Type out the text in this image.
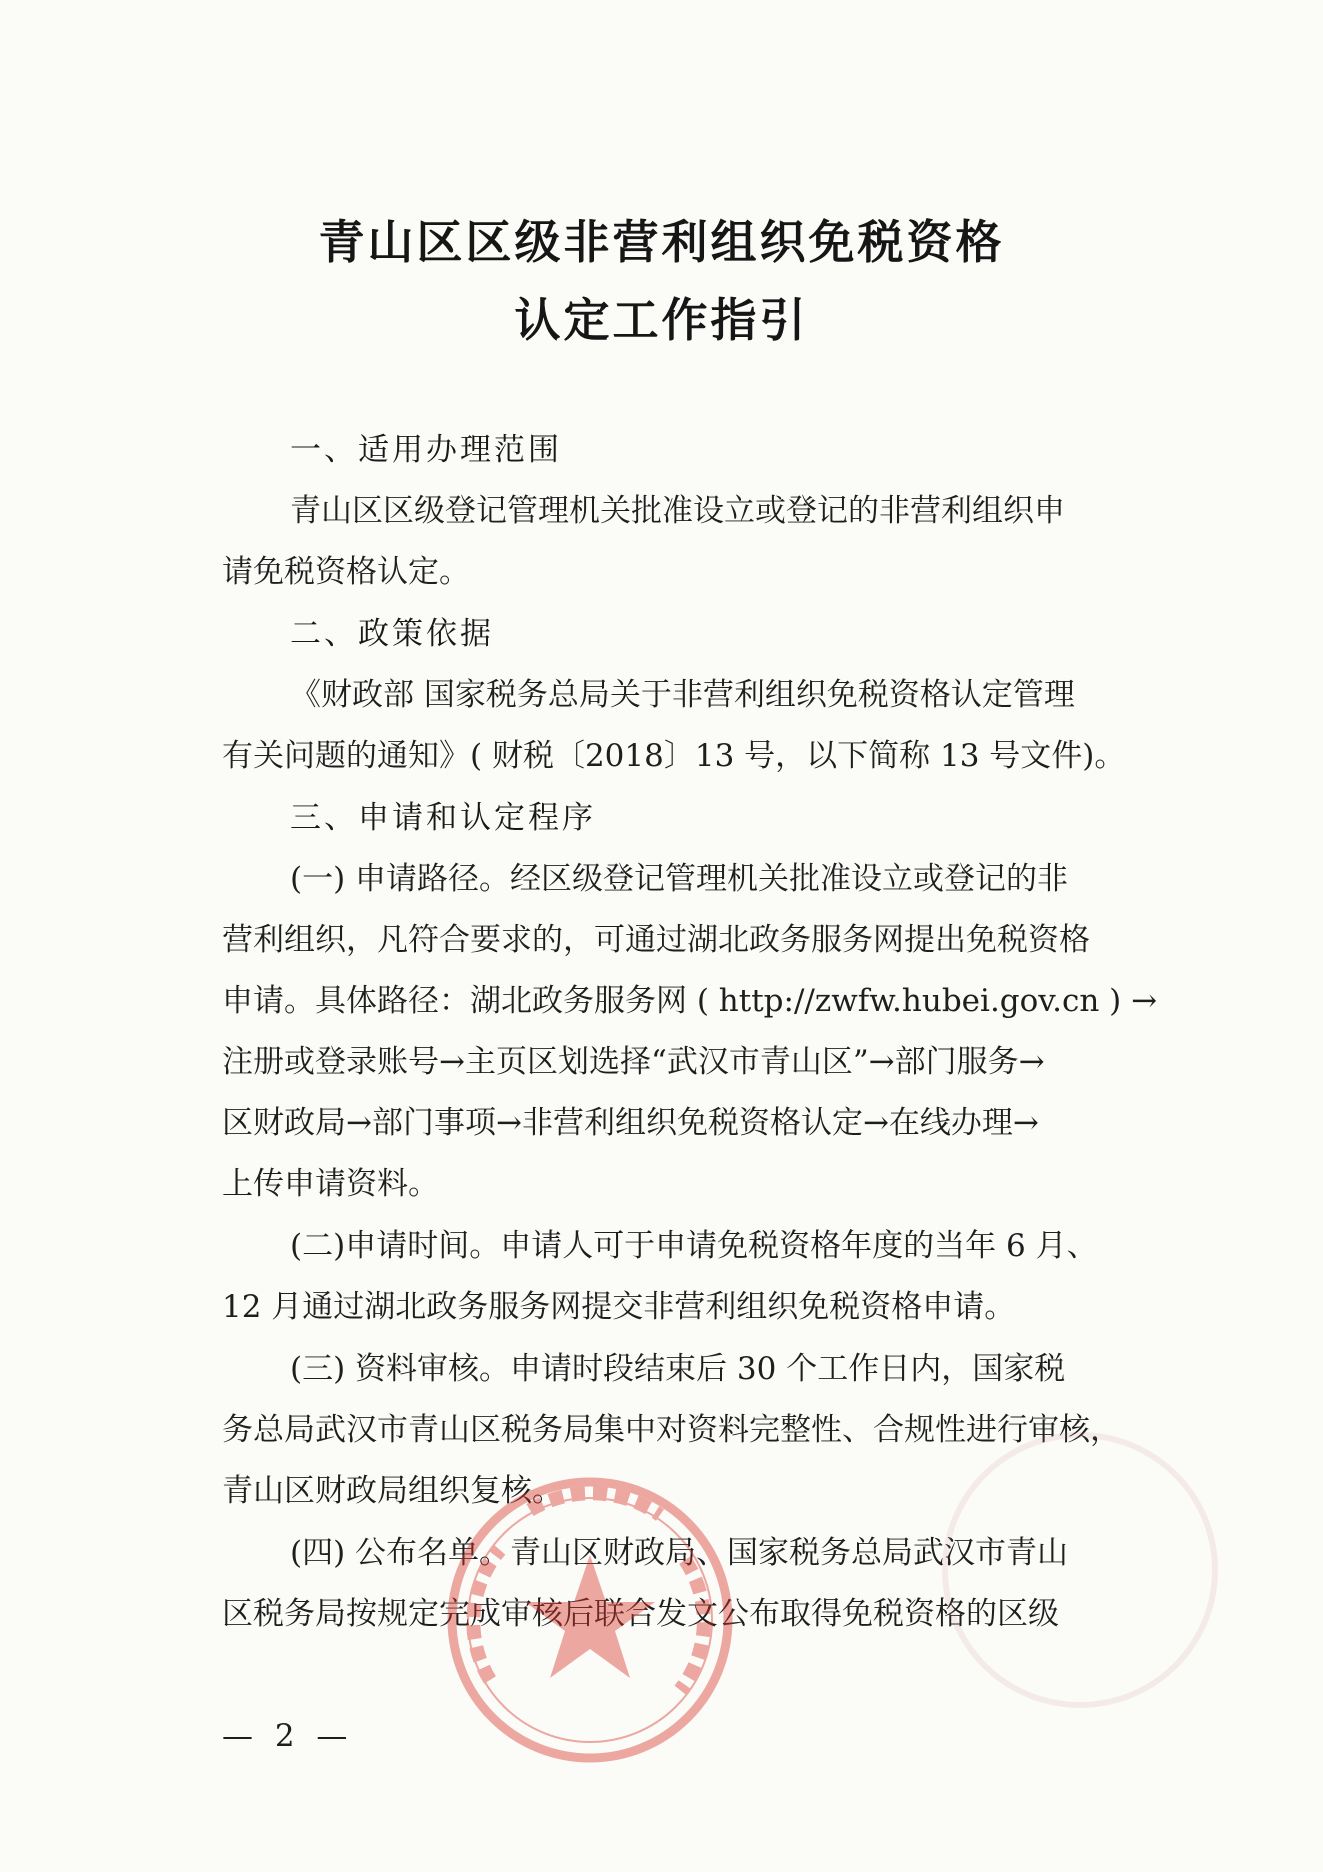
青山区区级非营利组织免税资格
认定工作指引
一、适用办理范围
青山区区级登记管理机关批准设立或登记的非营利组织申
请免税资格认定。
二、政策依据
《财政部 国家税务总局关于非营利组织免税资格认定管理
有关问题的通知》( 财税〔2018〕13 号，以下简称 13 号文件)。
三、申请和认定程序
(一) 申请路径。经区级登记管理机关批准设立或登记的非
营利组织，凡符合要求的，可通过湖北政务服务网提出免税资格
申请。具体路径：湖北政务服务网 ( http://zwfw.hubei.gov.cn ) →
注册或登录账号→主页区划选择“武汉市青山区”→部门服务→
区财政局→部门事项→非营利组织免税资格认定→在线办理→
上传申请资料。
(二)申请时间。申请人可于申请免税资格年度的当年 6 月、
12 月通过湖北政务服务网提交非营利组织免税资格申请。
(三) 资料审核。申请时段结束后 30 个工作日内，国家税
务总局武汉市青山区税务局集中对资料完整性、合规性进行审核，
青山区财政局组织复核。
(四) 公布名单。青山区财政局、国家税务总局武汉市青山
区税务局按规定完成审核后联合发文公布取得免税资格的区级
— 2 —
